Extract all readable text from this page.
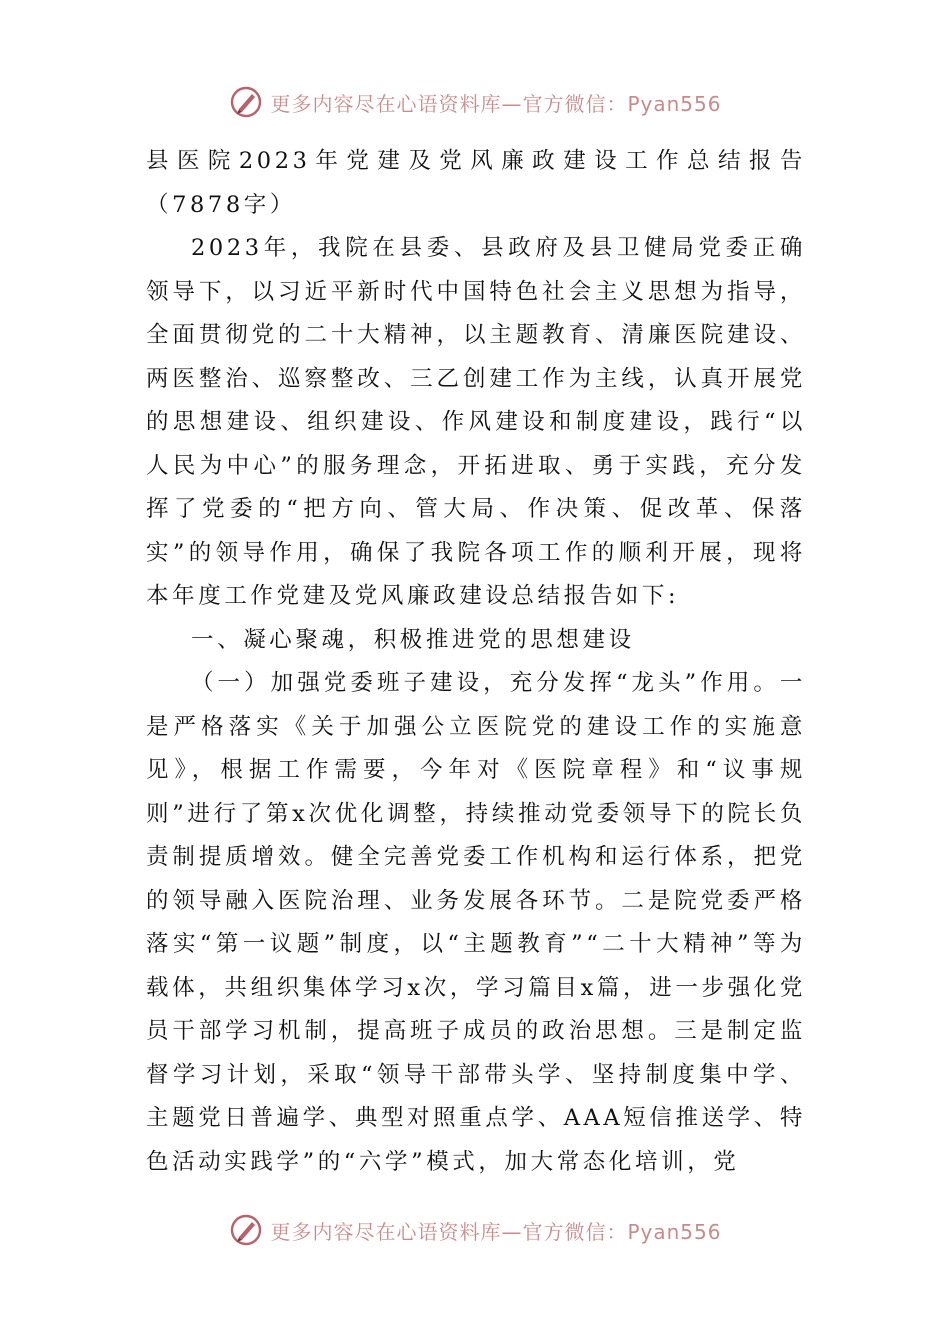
更多内容尽在心语资料库—官方微信：Pyan556

县医院2023年党建及党风廉政建设工作总结报告（7878字）

2023年，我院在县委、县政府及县卫健局党委正确领导下，以习近平新时代中国特色社会主义思想为指导，全面贯彻党的二十大精神，以主题教育、清廉医院建设、两医整治、巡察整改、三乙创建工作为主线，认真开展党的思想建设、组织建设、作风建设和制度建设，践行“以人民为中心”的服务理念，开拓进取、勇于实践，充分发挥了党委的“把方向、管大局、作决策、促改革、保落实”的领导作用，确保了我院各项工作的顺利开展，现将本年度工作党建及党风廉政建设总结报告如下:

一、凝心聚魂，积极推进党的思想建设

（一）加强党委班子建设，充分发挥“龙头”作用。一是严格落实《关于加强公立医院党的建设工作的实施意见》，根据工作需要，今年对《医院章程》和“议事规则”进行了第x次优化调整，持续推动党委领导下的院长负责制提质增效。健全完善党委工作机构和运行体系，把党的领导融入医院治理、业务发展各环节。二是院党委严格落实“第一议题”制度，以“主题教育”“二十大精神”等为载体，共组织集体学习x次，学习篇目x篇，进一步强化党员干部学习机制，提高班子成员的政治思想。三是制定监督学习计划，采取“领导干部带头学、坚持制度集中学、主题党日普遍学、典型对照重点学、AAA短信推送学、特色活动实践学”的“六学”模式，加大常态化培训，党

更多内容尽在心语资料库—官方微信：Pyan556
